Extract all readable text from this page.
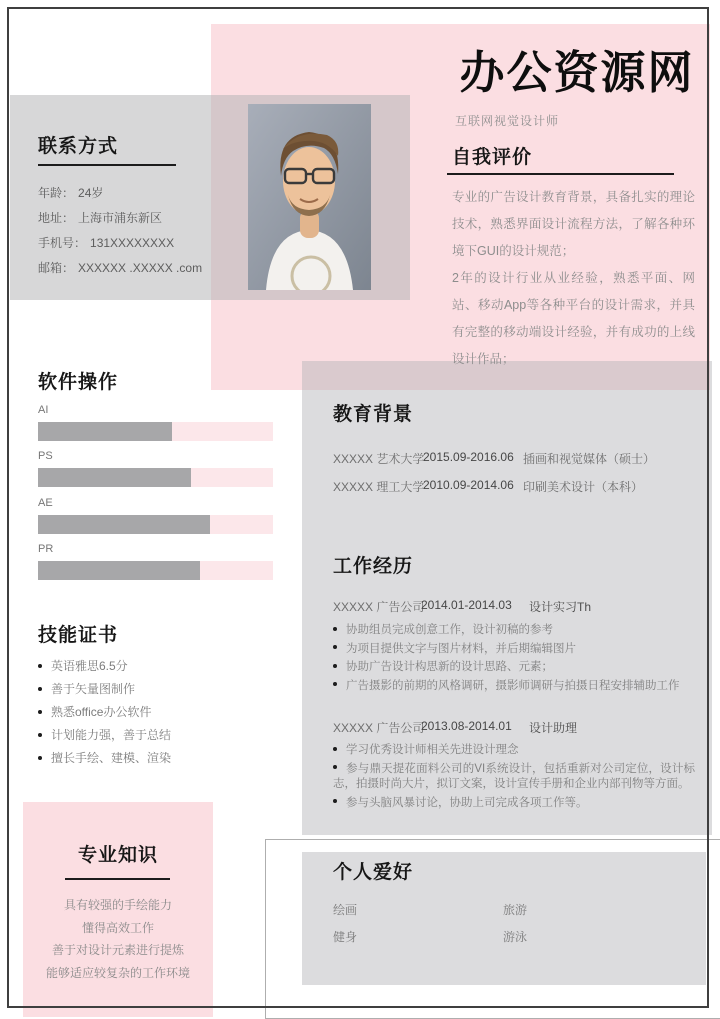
办公资源网
互联网视觉设计师
自我评价

专业的广告设计教育背景，具备扎实的理论技术，熟悉界面设计流程方法，了解各种环境下GUI的设计规范；

2年的设计行业从业经验，熟悉平面、网站、移动App等各种平台的设计需求，并具有完整的移动端设计经验，并有成功的上线设计作品；

联系方式
年龄： 24岁
地址： 上海市浦东新区
手机号： 131XXXXXXXX
邮箱： XXXXXX .XXXXX .com
软件操作
AI
PS
AE
PR
技能证书
英语雅思6.5分
善于矢量图制作
熟悉office办公软件
计划能力强，善于总结
擅长手绘、建模、渲染
专业知识
具有较强的手绘能力
懂得高效工作
善于对设计元素进行提炼
能够适应较复杂的工作环境
教育背景
XXXXX 艺术大学
2015.09-2016.06 插画和视觉媒体（硕士）
XXXXX 理工大学
2010.09-2014.06 印刷美术设计（本科）
工作经历
XXXXX 广告公司
2014.01-2014.03 设计实习Th
协助组员完成创意工作，设计初稿的参考
为项目提供文字与图片材料，并后期编辑图片
协助广告设计构思新的设计思路、元素；
广告摄影的前期的风格调研，摄影师调研与拍摄日程安排辅助工作
XXXXX 广告公司
2013.08-2014.01 设计助理
学习优秀设计师相关先进设计理念
参与鼎天提花面料公司的VI系统设计，包括重新对公司定位，设计标志，拍摄时尚大片，拟订文案，设计宣传手册和企业内部刊物等方面。
参与头脑风暴讨论，协助上司完成各项工作等。
个人爱好
绘画
健身
旅游
游泳
